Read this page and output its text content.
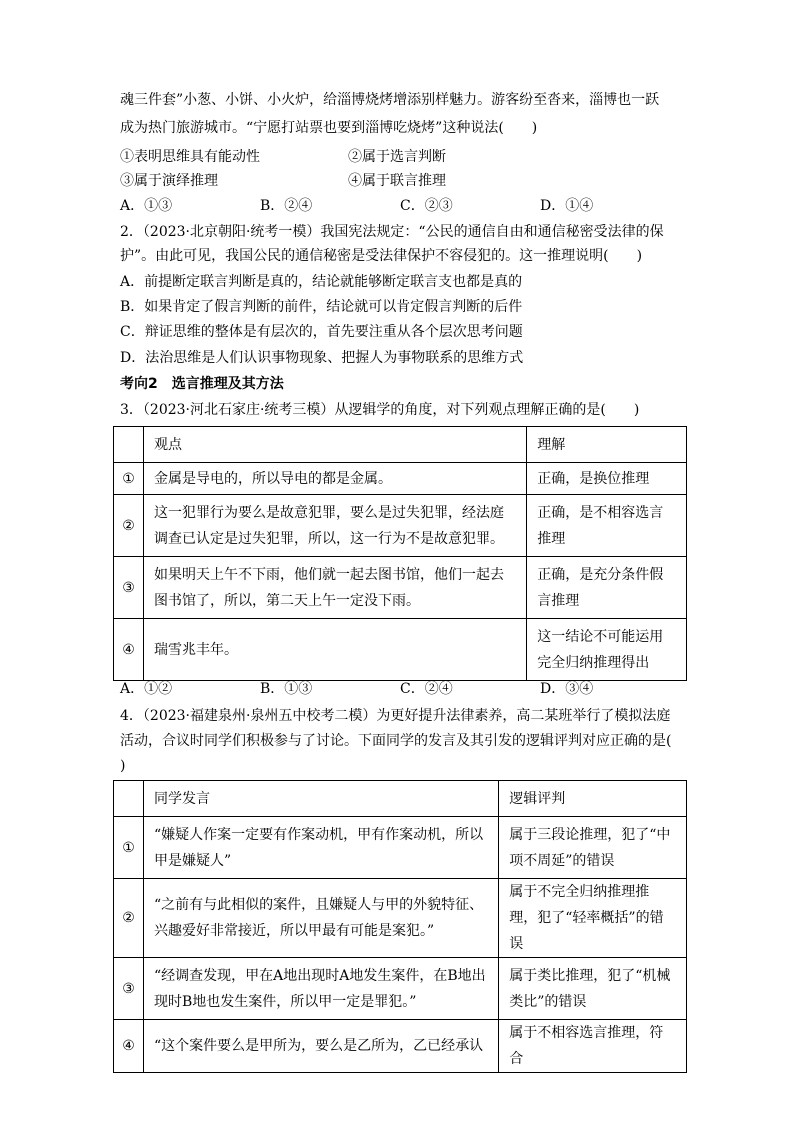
魂三件套”小葱、小饼、小火炉，给淄博烧烤增添别样魅力。游客纷至沓来，淄博也一跃
成为热门旅游城市。“宁愿打站票也要到淄博吃烧烤”这种说法(　　)
①表明思维具有能动性	②属于选言判断
③属于演绎推理	④属于联言推理
A．①③	B．②④	C．②③	D．①④
2．（2023·北京朝阳·统考一模）我国宪法规定：“公民的通信自由和通信秘密受法律的保
护”。由此可见，我国公民的通信秘密是受法律保护不容侵犯的。这一推理说明(　　)
A．前提断定联言判断是真的，结论就能够断定联言支也都是真的
B．如果肯定了假言判断的前件，结论就可以肯定假言判断的后件
C．辩证思维的整体是有层次的，首先要注重从各个层次思考问题
D．法治思维是人们认识事物现象、把握人为事物联系的思维方式
考向2　选言推理及其方法
3．（2023·河北石家庄·统考三模）从逻辑学的角度，对下列观点理解正确的是(　　)
	观点	理解
①	金属是导电的，所以导电的都是金属。	正确，是换位推理

②	这一犯罪行为要么是故意犯罪，要么是过失犯罪，经法庭调查已认定是过失犯罪，所以，这一行为不是故意犯罪。	正确，是不相容选言推理

③	如果明天上午不下雨，他们就一起去图书馆，他们一起去图书馆了，所以，第二天上午一定没下雨。	正确，是充分条件假言推理

④	瑞雪兆丰年。	这一结论不可能运用完全归纳推理得出
A．①②	B．①③	C．②④	D．③④
4．（2023·福建泉州·泉州五中校考二模）为更好提升法律素养，高二某班举行了模拟法庭
活动，合议时同学们积极参与了讨论。下面同学的发言及其引发的逻辑评判对应正确的是(
)
	同学发言	逻辑评判
①	“嫌疑人作案一定要有作案动机，甲有作案动机，所以甲是嫌疑人”	属于三段论推理，犯了“中项不周延”的错误

②	“之前有与此相似的案件，且嫌疑人与甲的外貌特征、兴趣爱好非常接近，所以甲最有可能是案犯。”	属于不完全归纳推理推理，犯了“轻率概括”的错误

③	“经调查发现，甲在A地出现时A地发生案件，在B地出现时B地也发生案件，所以甲一定是罪犯。”	属于类比推理，犯了“机械类比”的错误

④	“这个案件要么是甲所为，要么是乙所为，乙已经承认	属于不相容选言推理，符合
